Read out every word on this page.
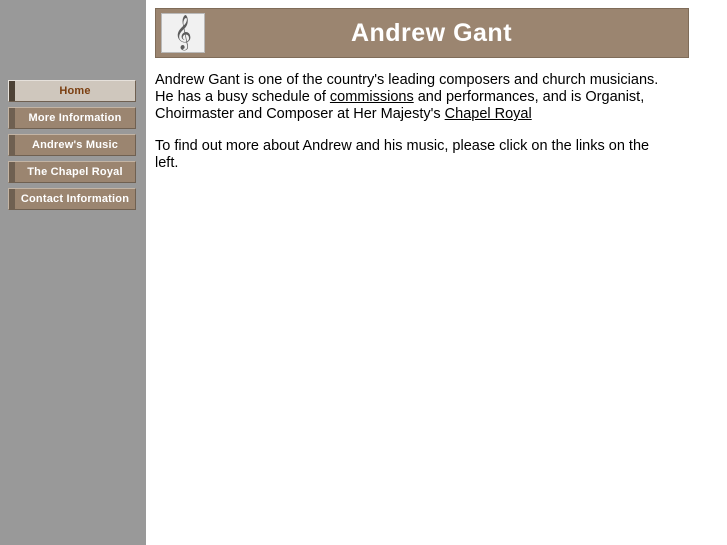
Home
More Information
Andrew's Music
The Chapel Royal
Contact Information
𝄞	Andrew Gant

Andrew Gant is one of the country's leading composers and church musicians. He has a busy schedule of commissions and performances, and is Organist, Choirmaster and Composer at Her Majesty's Chapel Royal

To find out more about Andrew and his music, please click on the links on the left.
